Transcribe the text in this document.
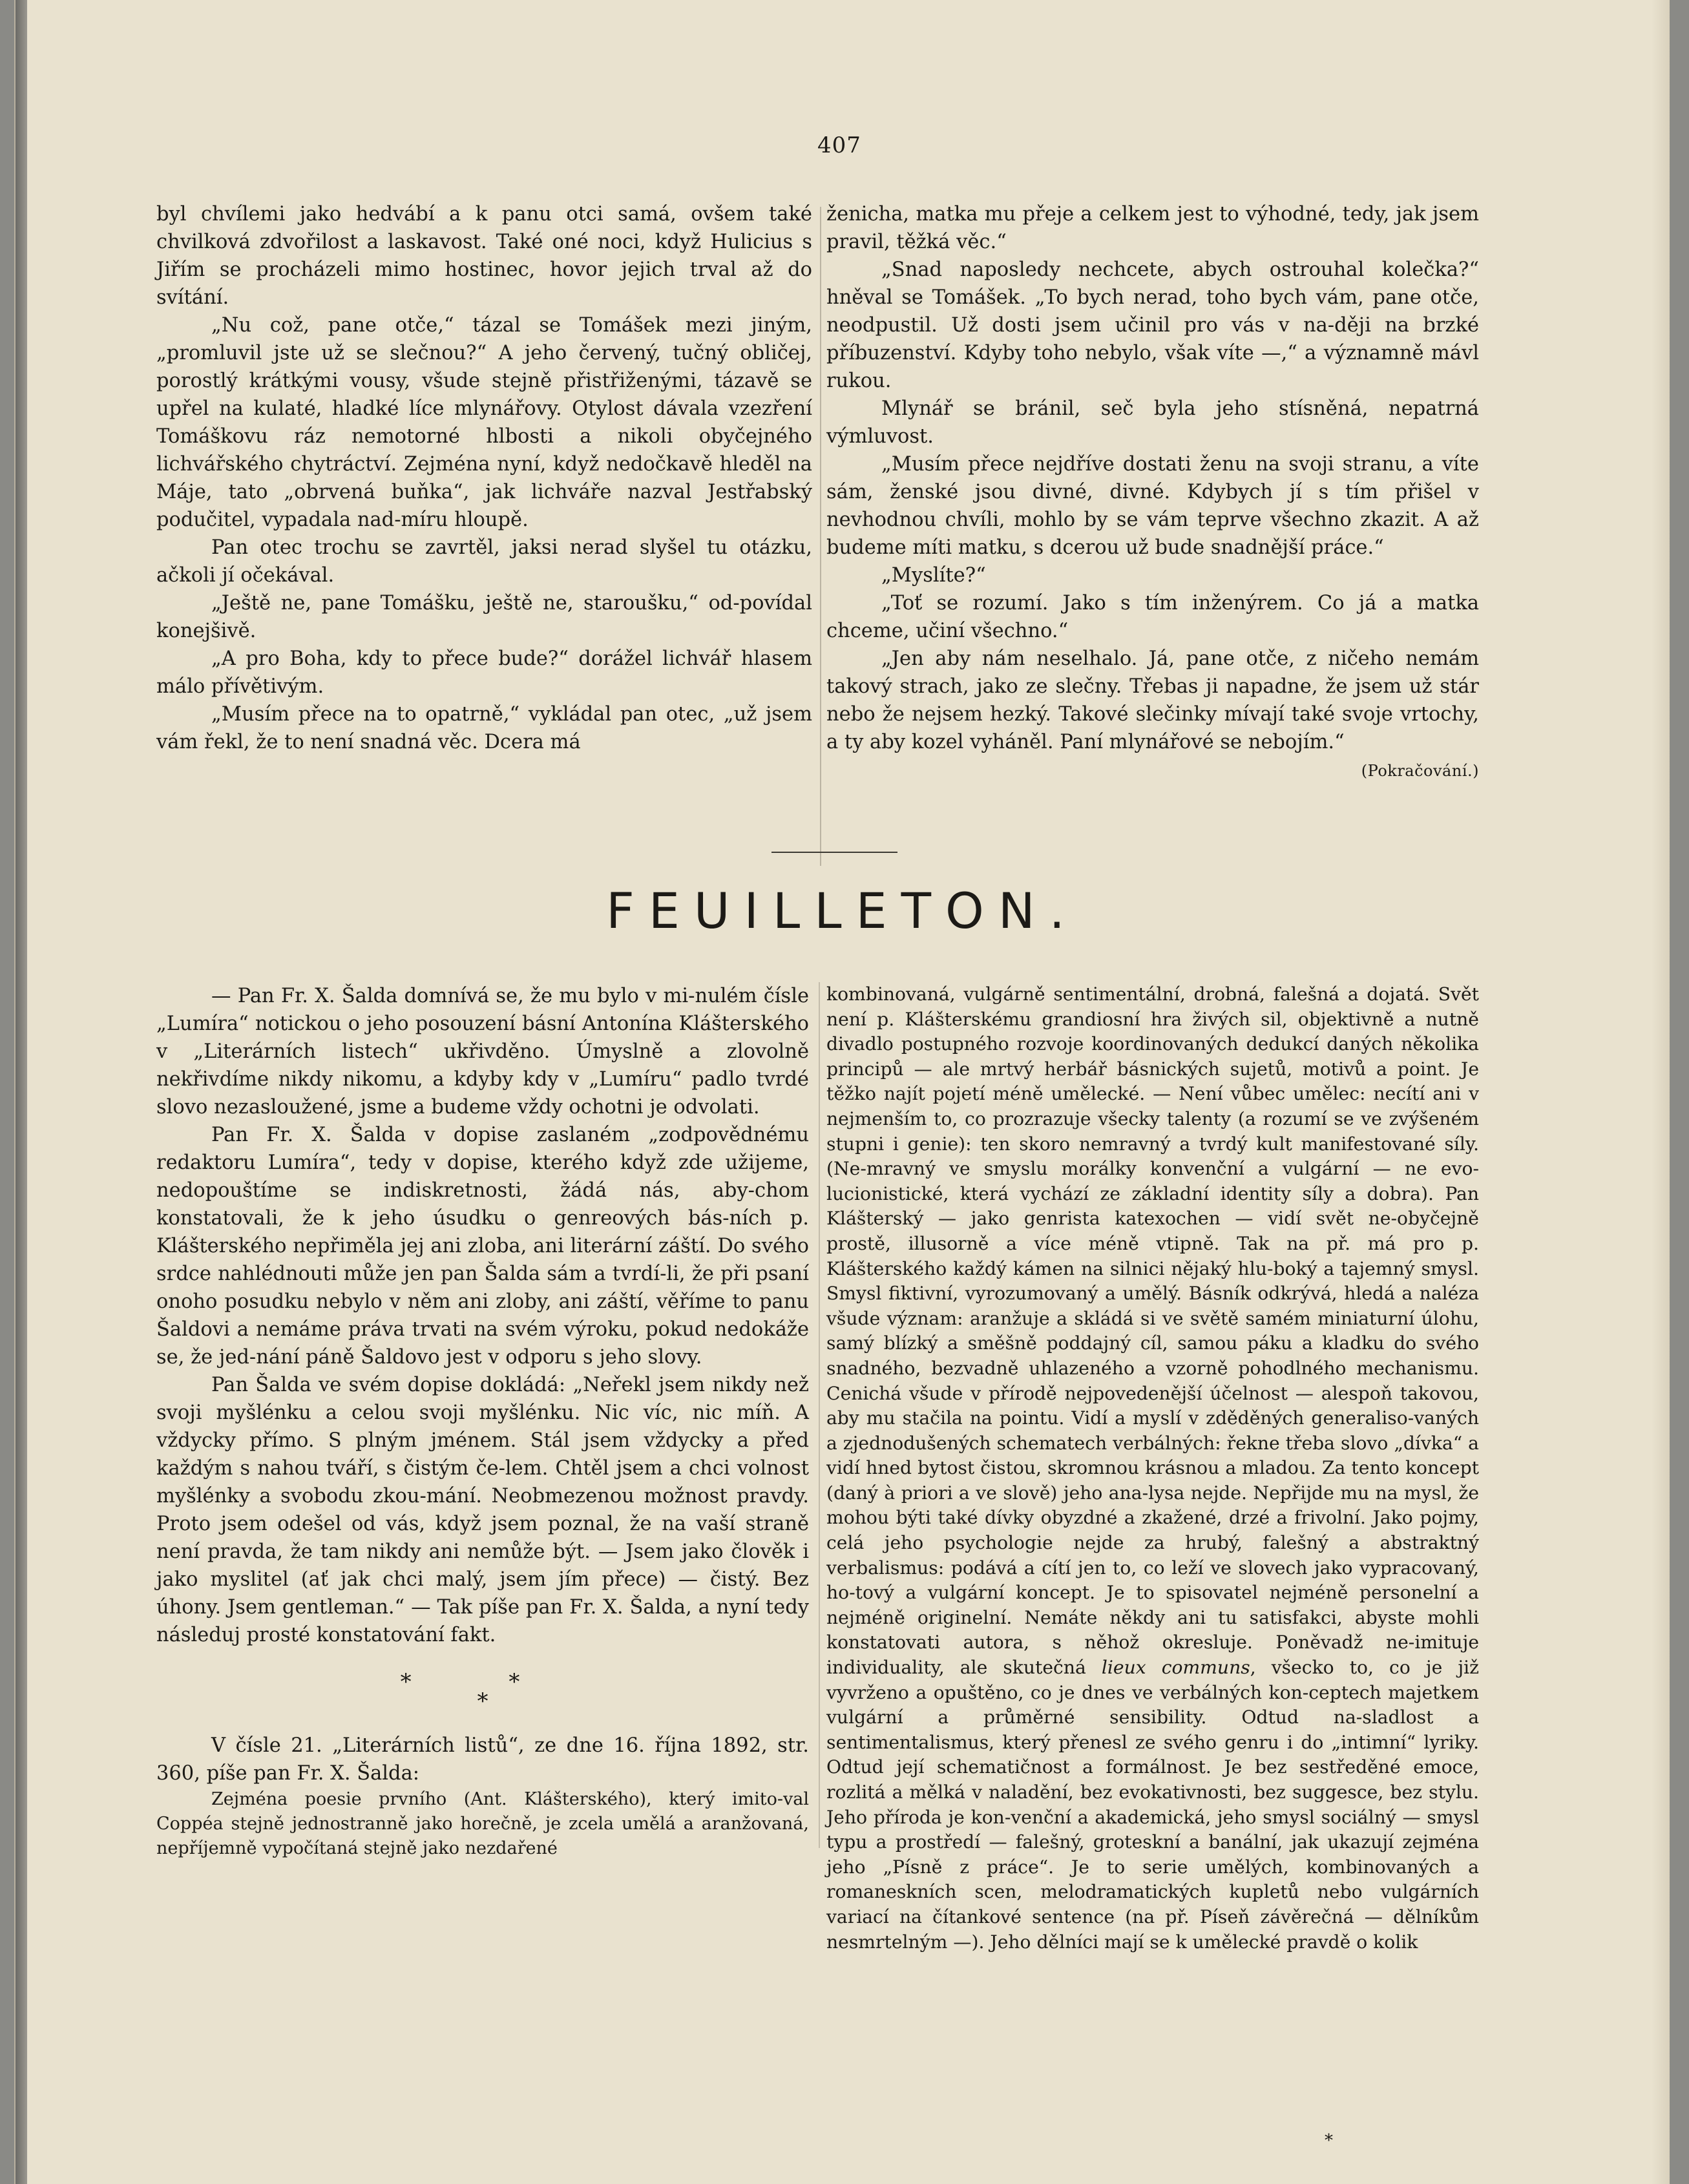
407

byl chvílemi jako hedvábí a k panu otci samá, ovšem také chvilková zdvořilost a laskavost. Také oné noci, když Hulicius s Jiřím se procházeli mimo hostinec, hovor jejich trval až do svítání.

„Nu což, pane otče,“ tázal se Tomášek mezi jiným, „promluvil jste už se slečnou?“ A jeho červený, tučný obličej, porostlý krátkými vousy, všude stejně přistřiženými, tázavě se upřel na kulaté, hladké líce mlynářovy. Otylost dávala vzezření Tomáškovu ráz nemotorné hlbosti a nikoli obyčejného lichvářského chytráctví. Zejména nyní, když nedočkavě hleděl na Máje, tato „obrvená buňka“, jak lichváře nazval Jestřabský podučitel, vypadala nad-míru hloupě.

Pan otec trochu se zavrtěl, jaksi nerad slyšel tu otázku, ačkoli jí očekával.

„Ještě ne, pane Tomášku, ještě ne, staroušku,“ od-povídal konejšivě.

„A pro Boha, kdy to přece bude?“ dorážel lichvář hlasem málo přívětivým.

„Musím přece na to opatrně,“ vykládal pan otec, „už jsem vám řekl, že to není snadná věc. Dcera má

ženicha, matka mu přeje a celkem jest to výhodné, tedy, jak jsem pravil, těžká věc.“

„Snad naposledy nechcete, abych ostrouhal kolečka?“ hněval se Tomášek. „To bych nerad, toho bych vám, pane otče, neodpustil. Už dosti jsem učinil pro vás v na-ději na brzké příbuzenství. Kdyby toho nebylo, však víte —,“ a významně mávl rukou.

Mlynář se bránil, seč byla jeho stísněná, nepatrná výmluvost.

„Musím přece nejdříve dostati ženu na svoji stranu, a víte sám, ženské jsou divné, divné. Kdybych jí s tím přišel v nevhodnou chvíli, mohlo by se vám teprve všechno zkazit. A až budeme míti matku, s dcerou už bude snadnější práce.“

„Myslíte?“

„Toť se rozumí. Jako s tím inženýrem. Co já a matka chceme, učiní všechno.“

„Jen aby nám neselhalo. Já, pane otče, z ničeho nemám takový strach, jako ze slečny. Třebas ji napadne, že jsem už stár nebo že nejsem hezký. Takové slečinky mívají také svoje vrtochy, a ty aby kozel vyháněl. Paní mlynářové se nebojím.“
(Pokračování.)

FEUILLETON.

— Pan Fr. X. Šalda domnívá se, že mu bylo v mi-nulém čísle „Lumíra“ notickou o jeho posouzení básní Antonína Klášterského v „Literárních listech“ ukřivděno. Úmyslně a zlovolně nekřivdíme nikdy nikomu, a kdyby kdy v „Lumíru“ padlo tvrdé slovo nezasloužené, jsme a budeme vždy ochotni je odvolati.

Pan Fr. X. Šalda v dopise zaslaném „zodpovědnému redaktoru Lumíra“, tedy v dopise, kterého když zde užijeme, nedopouštíme se indiskretnosti, žádá nás, aby-chom konstatovali, že k jeho úsudku o genreových bás-ních p. Klášterského nepřiměla jej ani zloba, ani literární záští. Do svého srdce nahlédnouti může jen pan Šalda sám a tvrdí-li, že při psaní onoho posudku nebylo v něm ani zloby, ani záští, věříme to panu Šaldovi a nemáme práva trvati na svém výroku, pokud nedokáže se, že jed-nání páně Šaldovo jest v odporu s jeho slovy.

Pan Šalda ve svém dopise dokládá: „Neřekl jsem nikdy než svoji myšlénku a celou svoji myšlénku. Nic víc, nic míň. A vždycky přímo. S plným jménem. Stál jsem vždycky a před každým s nahou tváří, s čistým če-lem. Chtěl jsem a chci volnost myšlénky a svobodu zkou-mání. Neobmezenou možnost pravdy. Proto jsem odešel od vás, když jsem poznal, že na vaší straně není pravda, že tam nikdy ani nemůže být. — Jsem jako člověk i jako myslitel (ať jak chci malý, jsem jím přece) — čistý. Bez úhony. Jsem gentleman.“ — Tak píše pan Fr. X. Šalda, a nyní tedy následuj prosté konstatování fakt.

* *
*

V čísle 21. „Literárních listů“, ze dne 16. října 1892, str. 360, píše pan Fr. X. Šalda:

Zejména poesie prvního (Ant. Klášterského), který imito-val Coppéa stejně jednostranně jako horečně, je zcela umělá a aranžovaná, nepříjemně vypočítaná stejně jako nezdařené

kombinovaná, vulgárně sentimentální, drobná, falešná a dojatá. Svět není p. Klášterskému grandiosní hra živých sil, objektivně a nutně divadlo postupného rozvoje koordinovaných dedukcí daných několika principů — ale mrtvý herbář básnických sujetů, motivů a point. Je těžko najít pojetí méně umělecké. — Není vůbec umělec: necítí ani v nejmenším to, co prozrazuje všecky talenty (a rozumí se ve zvýšeném stupni i genie): ten skoro nemravný a tvrdý kult manifestované síly. (Ne-mravný ve smyslu morálky konvenční a vulgární — ne evo-lucionistické, která vychází ze základní identity síly a dobra). Pan Klášterský — jako genrista katexochen — vidí svět ne-obyčejně prostě, illusorně a více méně vtipně. Tak na př. má pro p. Klášterského každý kámen na silnici nějaký hlu-boký a tajemný smysl. Smysl fiktivní, vyrozumovaný a umělý. Básník odkrývá, hledá a naléza všude význam: aranžuje a skládá si ve světě samém miniaturní úlohu, samý blízký a směšně poddajný cíl, samou páku a kladku do svého snadného, bezvadně uhlazeného a vzorně pohodlného mechanismu. Cenichá všude v přírodě nejpovedenější účelnost — alespoň takovou, aby mu stačila na pointu. Vidí a myslí v zděděných generaliso-vaných a zjednodušených schematech verbálných: řekne třeba slovo „dívka“ a vidí hned bytost čistou, skromnou krásnou a mladou. Za tento koncept (daný à priori a ve slově) jeho ana-lysa nejde. Nepřijde mu na mysl, že mohou býti také dívky obyzdné a zkažené, drzé a frivolní. Jako pojmy, celá jeho psychologie nejde za hrubý, falešný a abstraktný verbalismus: podává a cítí jen to, co leží ve slovech jako vypracovaný, ho-tový a vulgární koncept. Je to spisovatel nejméně personelní a nejméně originelní. Nemáte někdy ani tu satisfakci, abyste mohli konstatovati autora, s něhož okresluje. Poněvadž ne-imituje individuality, ale skutečná lieux communs, všecko to, co je již vyvrženo a opuštěno, co je dnes ve verbálných kon-ceptech majetkem vulgární a průměrné sensibility. Odtud na-sladlost a sentimentalismus, který přenesl ze svého genru i do „intimní“ lyriky. Odtud její schematičnost a formálnost. Je bez sestředěné emoce, rozlitá a mělká v naladění, bez evokativnosti, bez suggesce, bez stylu. Jeho příroda je kon-venční a akademická, jeho smysl sociálný — smysl typu a prostředí — falešný, groteskní a banální, jak ukazují zejména jeho „Písně z práce“. Je to serie umělých, kombinovaných a romaneskních scen, melodramatických kupletů nebo vulgárních variací na čítankové sentence (na př. Píseň závěrečná — dělníkům nesmrtelným —). Jeho dělníci mají se k umělecké pravdě o kolik

*
